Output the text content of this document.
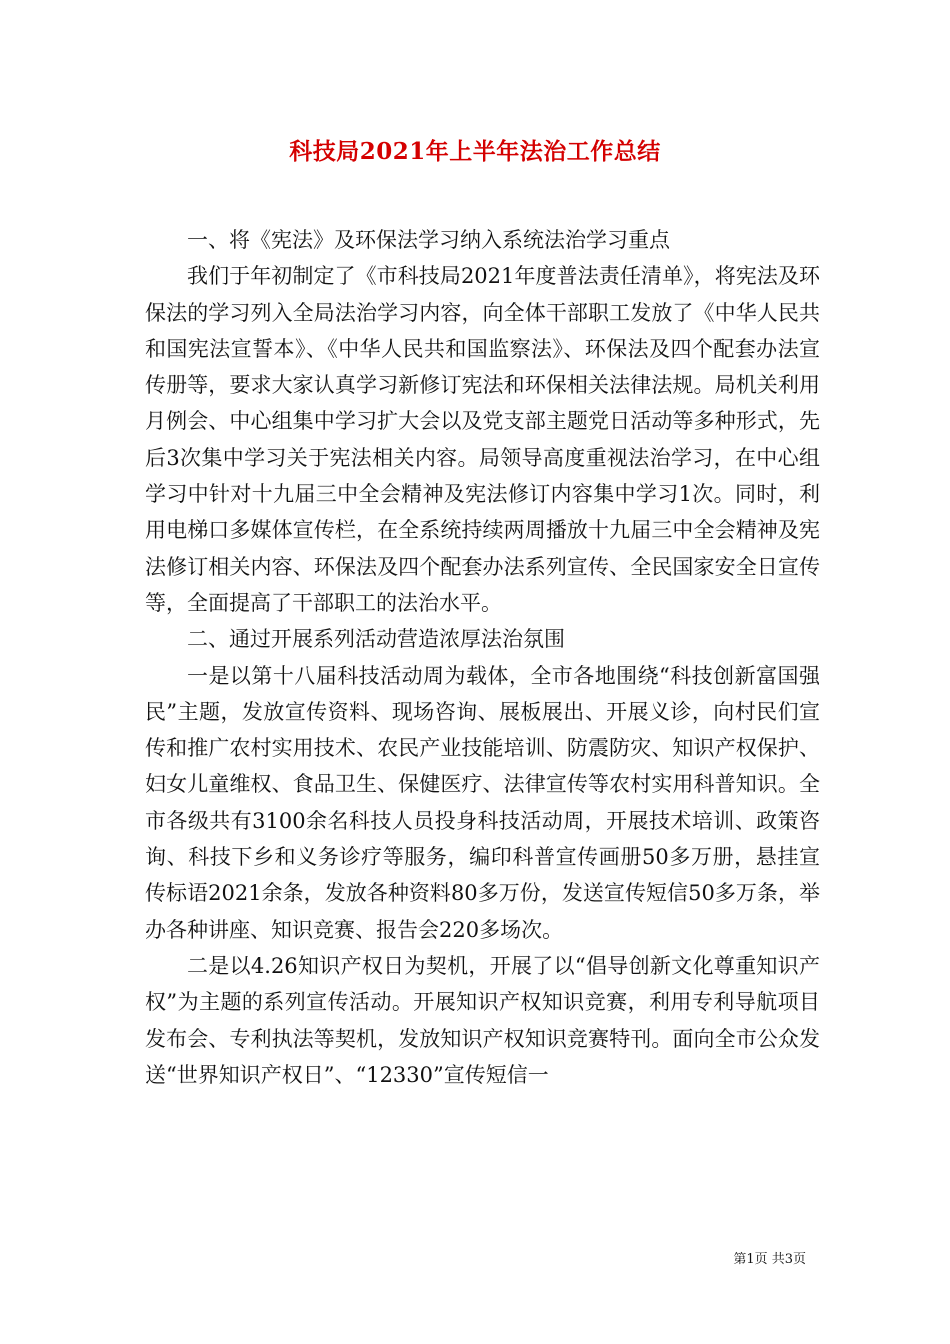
科技局2021年上半年法治工作总结

一、将《宪法》及环保法学习纳入系统法治学习重点

我们于年初制定了《市科技局2021年度普法责任清单》，将宪法及环保法的学习列入全局法治学习内容，向全体干部职工发放了《中华人民共和国宪法宣誓本》、《中华人民共和国监察法》、环保法及四个配套办法宣传册等，要求大家认真学习新修订宪法和环保相关法律法规。局机关利用月例会、中心组集中学习扩大会以及党支部主题党日活动等多种形式，先后3次集中学习关于宪法相关内容。局领导高度重视法治学习，在中心组学习中针对十九届三中全会精神及宪法修订内容集中学习1次。同时，利用电梯口多媒体宣传栏，在全系统持续两周播放十九届三中全会精神及宪法修订相关内容、环保法及四个配套办法系列宣传、全民国家安全日宣传等，全面提高了干部职工的法治水平。

二、通过开展系列活动营造浓厚法治氛围

一是以第十八届科技活动周为载体，全市各地围绕“科技创新富国强民”主题，发放宣传资料、现场咨询、展板展出、开展义诊，向村民们宣传和推广农村实用技术、农民产业技能培训、防震防灾、知识产权保护、妇女儿童维权、食品卫生、保健医疗、法律宣传等农村实用科普知识。全市各级共有3100余名科技人员投身科技活动周，开展技术培训、政策咨询、科技下乡和义务诊疗等服务，编印科普宣传画册50多万册，悬挂宣传标语2021余条，发放各种资料80多万份，发送宣传短信50多万条，举办各种讲座、知识竞赛、报告会220多场次。

二是以4.26知识产权日为契机，开展了以“倡导创新文化尊重知识产权”为主题的系列宣传活动。开展知识产权知识竞赛，利用专利导航项目发布会、专利执法等契机，发放知识产权知识竞赛特刊。面向全市公众发送“世界知识产权日”、“12330”宣传短信一

第1页 共3页
